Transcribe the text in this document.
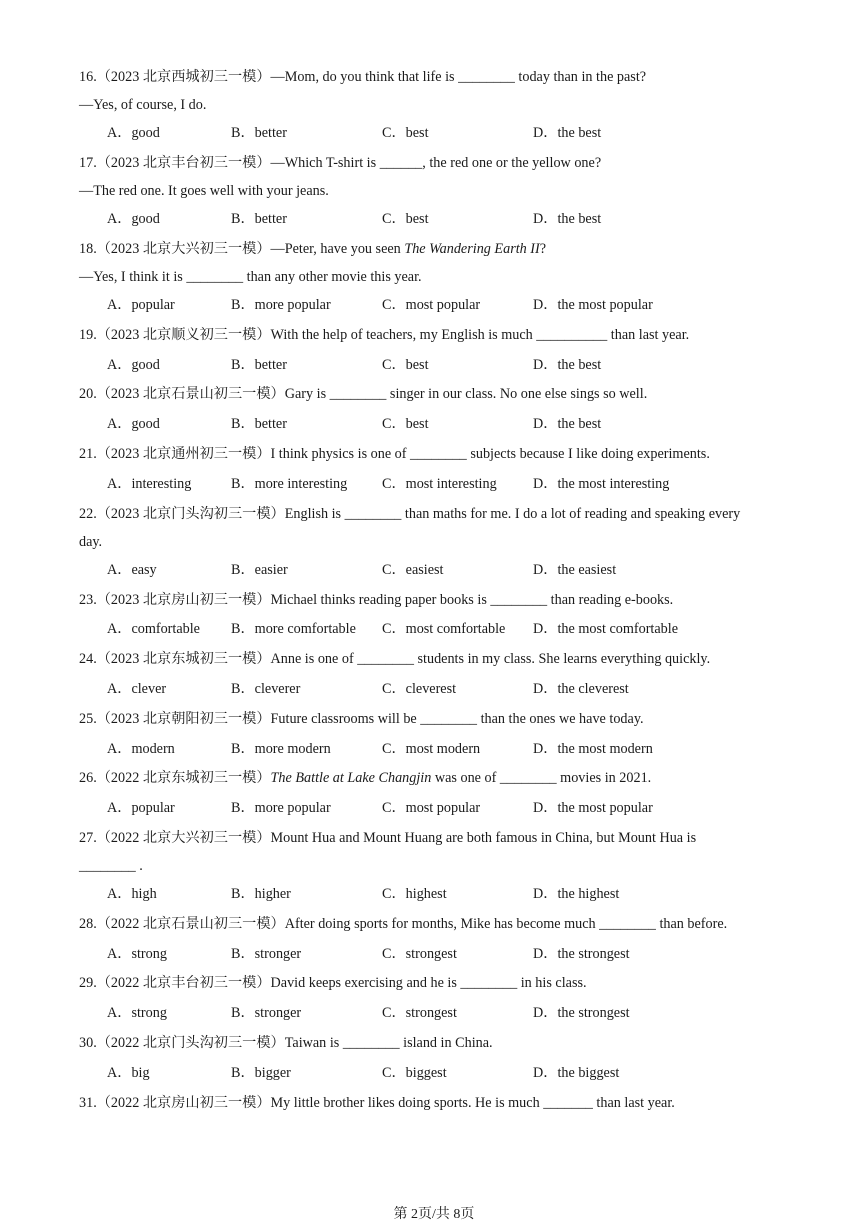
16.（2023 北京西城初三一模）—Mom, do you think that life is ________ today than in the past?
—Yes, of course, I do.
A．good	B．better	C．best	D．the best
17.（2023 北京丰台初三一模）—Which T-shirt is ______, the red one or the yellow one?
—The red one. It goes well with your jeans.
A．good	B．better	C．best	D．the best
18.（2023 北京大兴初三一模）—Peter, have you seen The Wandering Earth II?
—Yes, I think it is ________ than any other movie this year.
A．popular	B．more popular	C．most popular	D．the most popular
19.（2023 北京顺义初三一模）With the help of teachers, my English is much __________ than last year.
A．good	B．better	C．best	D．the best
20.（2023 北京石景山初三一模）Gary is ________ singer in our class. No one else sings so well.
A．good	B．better	C．best	D．the best
21.（2023 北京通州初三一模）I think physics is one of ________ subjects because I like doing experiments.
A．interesting	B．more interesting C．most interesting	D．the most interesting
22.（2023 北京门头沟初三一模）English is ________ than maths for me. I do a lot of reading and speaking every
day.
A．easy	B．easier	C．easiest	D．the easiest
23.（2023 北京房山初三一模）Michael thinks reading paper books is ________ than reading e-books.
A．comfortable B．more comfortable C．most comfortable D．the most comfortable
24.（2023 北京东城初三一模）Anne is one of ________ students in my class. She learns everything quickly.
A．clever	B．cleverer	C．cleverest	D．the cleverest
25.（2023 北京朝阳初三一模）Future classrooms will be ________ than the ones we have today.
A．modern	B．more modern	C．most modern	D．the most modern
26.（2022 北京东城初三一模）The Battle at Lake Changjin was one of ________ movies in 2021.
A．popular	B．more popular	C．most popular	D．the most popular
27.（2022 北京大兴初三一模）Mount Hua and Mount Huang are both famous in China, but Mount Hua is
________ .
A．high	B．higher	C．highest	D．the highest
28.（2022 北京石景山初三一模）After doing sports for months, Mike has become much ________ than before.
A．strong	B．stronger	C．strongest	D．the strongest
29.（2022 北京丰台初三一模）David keeps exercising and he is ________ in his class.
A．strong	B．stronger	C．strongest	D．the strongest
30.（2022 北京门头沟初三一模）Taiwan is ________ island in China.
A．big	B．bigger	C．biggest	D．the biggest
31.（2022 北京房山初三一模）My little brother likes doing sports. He is much _______ than last year.
第 2页/共 8页
